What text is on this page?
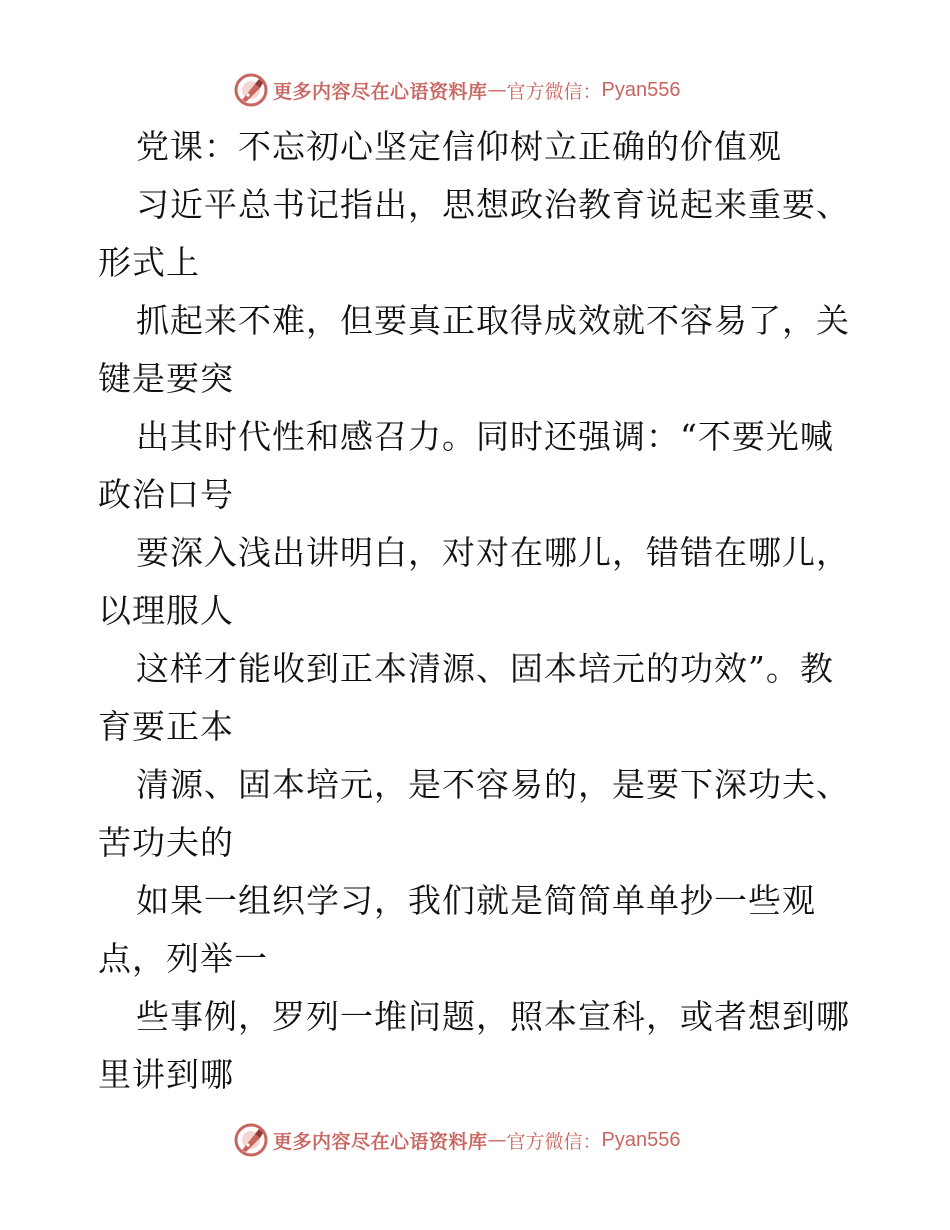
更多内容尽在心语资料库 — 官方微信： Pyan556
党课：不忘初心坚定信仰树立正确的价值观
习近平总书记指出，思想政治教育说起来重要、
形式上
抓起来不难，但要真正取得成效就不容易了，关
键是要突
出其时代性和感召力。同时还强调：“不要光喊
政治口号
要深入浅出讲明白，对对在哪儿，错错在哪儿，
以理服人
这样才能收到正本清源、固本培元的功效”。教
育要正本
清源、固本培元，是不容易的，是要下深功夫、
苦功夫的
如果一组织学习，我们就是简简单单抄一些观
点，列举一
些事例，罗列一堆问题，照本宣科，或者想到哪
里讲到哪
更多内容尽在心语资料库 — 官方微信： Pyan556
